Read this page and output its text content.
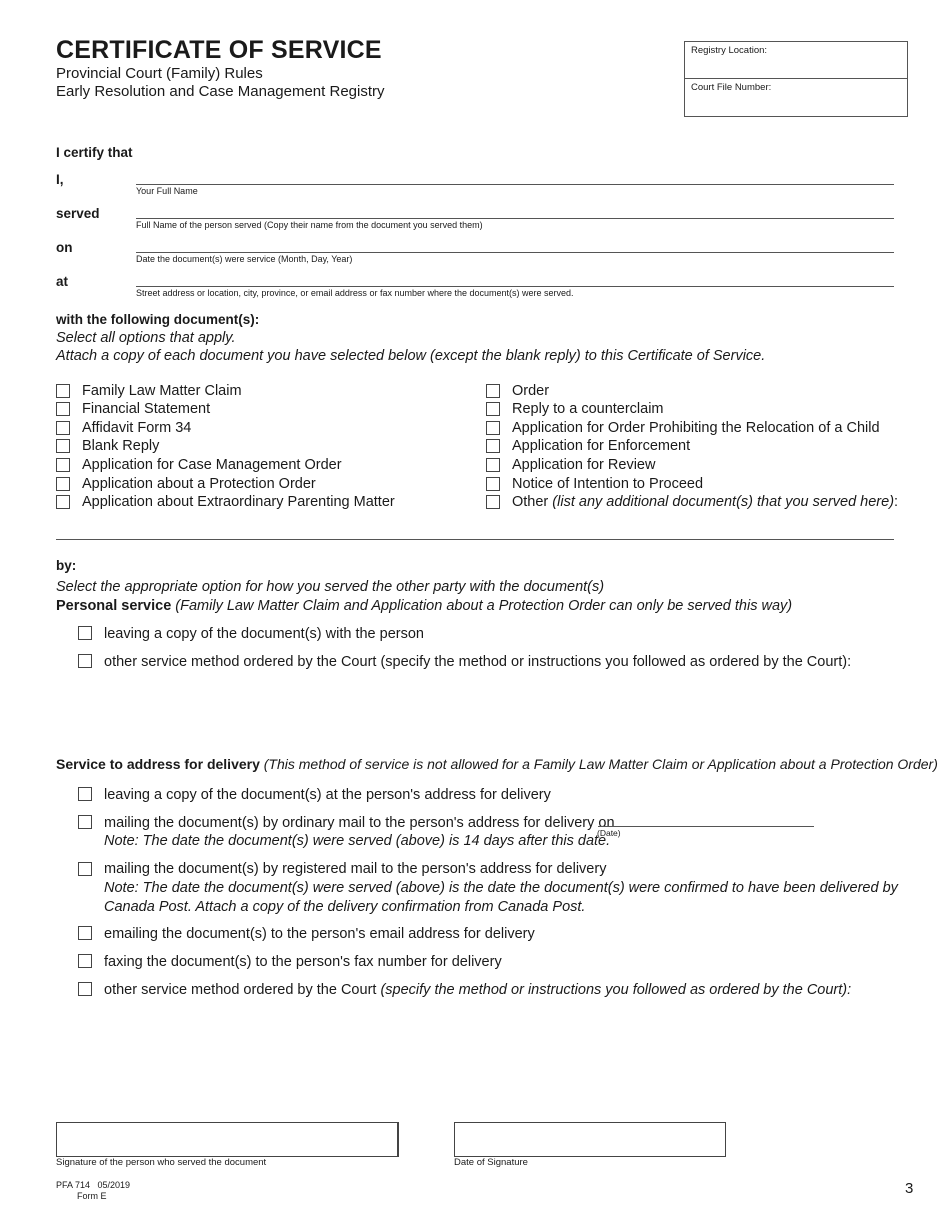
CERTIFICATE OF SERVICE
Provincial Court (Family) Rules
Early Resolution and Case Management Registry
Registry Location:
Court File Number:
I certify that
I,
Your Full Name
served
Full Name of the person served (Copy their name from the document you served them)
on
Date the document(s) were service (Month, Day, Year)
at
Street address or location, city, province, or email address or fax number where the document(s) were served.
with the following document(s):
Select all options that apply.
Attach a copy of each document you have selected below (except the blank reply) to this Certificate of Service.
Family Law Matter Claim
Financial Statement
Affidavit Form 34
Blank Reply
Application for Case Management Order
Application about a Protection Order
Application about Extraordinary Parenting Matter
Order
Reply to a counterclaim
Application for Order Prohibiting the Relocation of a Child
Application for Enforcement
Application for Review
Notice of Intention to Proceed
Other (list any additional document(s) that you served here):
by:
Select the appropriate option for how you served the other party with the document(s)
Personal service (Family Law Matter Claim and Application about a Protection Order can only be served this way)
leaving a copy of the document(s) with the person
other service method ordered by the Court (specify the method or instructions you followed as ordered by the Court):
Service to address for delivery (This method of service is not allowed for a Family Law Matter Claim or Application about a Protection Order)
leaving a copy of the document(s) at the person's address for delivery
mailing the document(s) by ordinary mail to the person's address for delivery on
(Date)
Note: The date the document(s) were served (above) is 14 days after this date.
mailing the document(s) by registered mail to the person's address for delivery
Note: The date the document(s) were served (above) is the date the document(s) were confirmed to have been delivered by
Canada Post. Attach a copy of the delivery confirmation from Canada Post.
emailing the document(s) to the person's email address for delivery
faxing the document(s) to the person's fax number for delivery
other service method ordered by the Court (specify the method or instructions you followed as ordered by the Court):
Signature of the person who served the document	Date of Signature
PFA 714   05/2019
Form E	3
